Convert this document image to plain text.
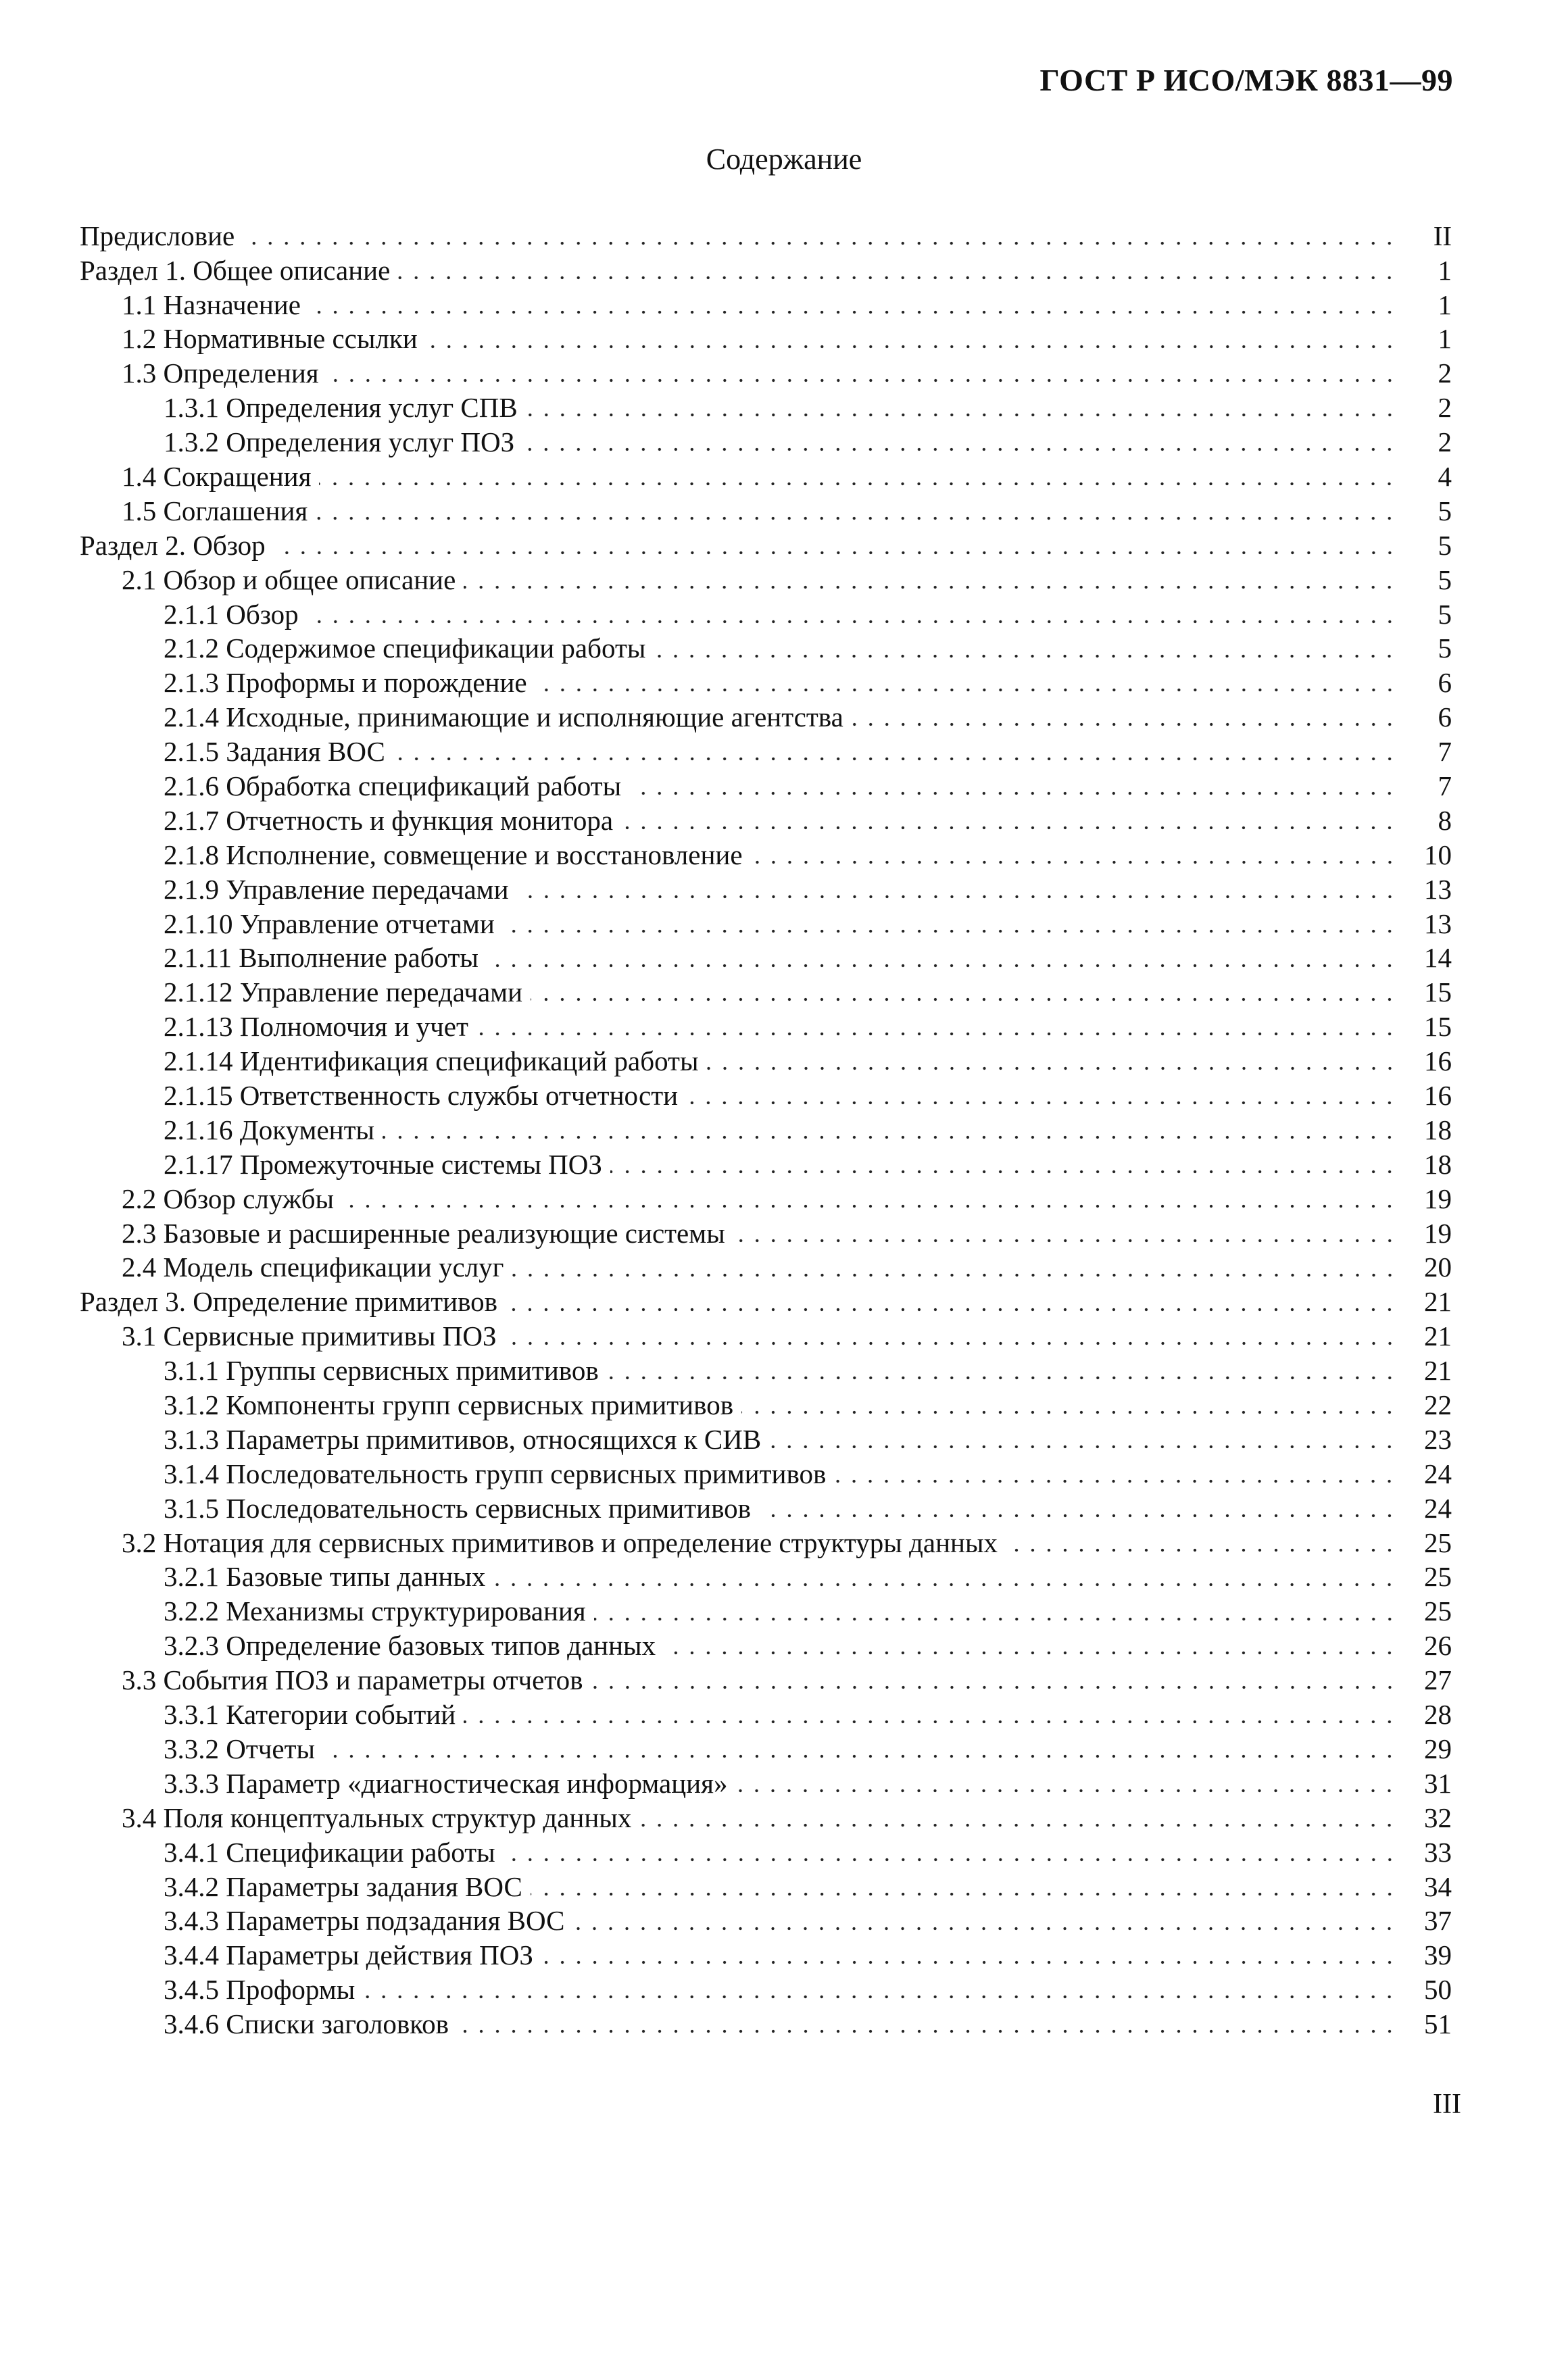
ГОСТ Р ИСО/МЭК 8831—99
Содержание
Предисловие	II
Раздел 1. Общее описание	1
1.1 Назначение	1
1.2 Нормативные ссылки	1
1.3 Определения	2
1.3.1 Определения услуг СПВ	2
1.3.2 Определения услуг ПОЗ	2
1.4 Сокращения	4
1.5 Соглашения	5
Раздел 2. Обзор	5
2.1 Обзор и общее описание	5
2.1.1 Обзор	5
2.1.2 Содержимое спецификации работы	5
2.1.3 Проформы и порождение	6
2.1.4 Исходные, принимающие и исполняющие агентства	6
2.1.5 Задания ВОС	7
2.1.6 Обработка спецификаций работы	7
2.1.7 Отчетность и функция монитора	8
2.1.8 Исполнение, совмещение и восстановление	10
2.1.9 Управление передачами	13
2.1.10 Управление отчетами	13
2.1.11 Выполнение работы	14
2.1.12 Управление передачами	15
2.1.13 Полномочия и учет	15
2.1.14 Идентификация спецификаций работы	16
2.1.15 Ответственность службы отчетности	16
2.1.16 Документы	18
2.1.17 Промежуточные системы ПОЗ	18
2.2 Обзор службы	19
2.3 Базовые и расширенные реализующие системы	19
2.4 Модель спецификации услуг	20
Раздел 3. Определение примитивов	21
3.1 Сервисные примитивы ПОЗ	21
3.1.1 Группы сервисных примитивов	21
3.1.2 Компоненты групп сервисных примитивов	22
3.1.3 Параметры примитивов, относящихся к СИВ	23
3.1.4 Последовательность групп сервисных примитивов	24
3.1.5 Последовательность сервисных примитивов	24
3.2 Нотация для сервисных примитивов и определение структуры данных	25
3.2.1 Базовые типы данных	25
3.2.2 Механизмы структурирования	25
3.2.3 Определение базовых типов данных	26
3.3 События ПОЗ и параметры отчетов	27
3.3.1 Категории событий	28
3.3.2 Отчеты	29
3.3.3 Параметр «диагностическая информация»	31
3.4 Поля концептуальных структур данных	32
3.4.1 Спецификации работы	33
3.4.2 Параметры задания ВОС	34
3.4.3 Параметры подзадания ВОС	37
3.4.4 Параметры действия ПОЗ	39
3.4.5 Проформы	50
3.4.6 Списки заголовков	51
III
